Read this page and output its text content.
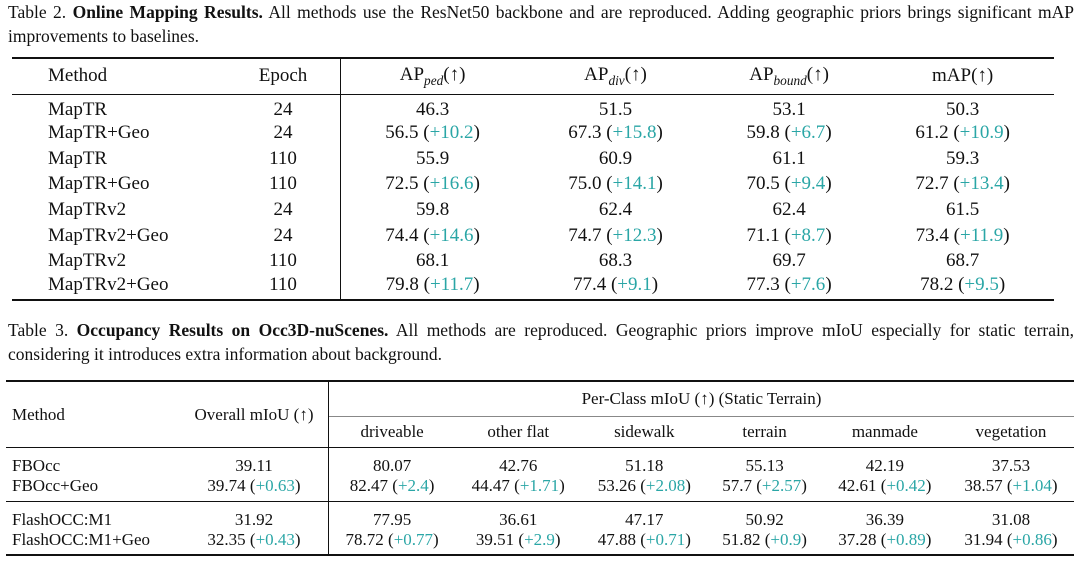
Table 2. Online Mapping Results. All methods use the ResNet50 backbone and are reproduced. Adding geographic priors brings significant mAP improvements to baselines.
Method	Epoch	$AP_{ped}(↑)$	$AP_{div}(↑)$	$AP_{bound}(↑)$	mAP(↑)
MapTR	24	46.3	51.5	53.1	50.3
MapTR+Geo	24	56.5 (+10.2)	67.3 (+15.8)	59.8 (+6.7)	61.2 (+10.9)
MapTR	110	55.9	60.9	61.1	59.3
MapTR+Geo	110	72.5 (+16.6)	75.0 (+14.1)	70.5 (+9.4)	72.7 (+13.4)
MapTRv2	24	59.8	62.4	62.4	61.5
MapTRv2+Geo	24	74.4 (+14.6)	74.7 (+12.3)	71.1 (+8.7)	73.4 (+11.9)
MapTRv2	110	68.1	68.3	69.7	68.7
MapTRv2+Geo	110	79.8 (+11.7)	77.4 (+9.1)	77.3 (+7.6)	78.2 (+9.5)
Table 3. Occupancy Results on Occ3D-nuScenes. All methods are reproduced. Geographic priors improve mIoU especially for static terrain, considering it introduces extra information about background.
Method	Overall mIoU (↑)	Per-Class mIoU (↑) (Static Terrain)					
		driveable	other flat	sidewalk	terrain	manmade	vegetation
FBOcc	39.11	80.07	42.76	51.18	55.13	42.19	37.53
FBOcc+Geo	39.74 (+0.63)	82.47 (+2.4)	44.47 (+1.71)	53.26 (+2.08)	57.7 (+2.57)	42.61 (+0.42)	38.57 (+1.04)
FlashOCC:M1	31.92	77.95	36.61	47.17	50.92	36.39	31.08
FlashOCC:M1+Geo	32.35 (+0.43)	78.72 (+0.77)	39.51 (+2.9)	47.88 (+0.71)	51.82 (+0.9)	37.28 (+0.89)	31.94 (+0.86)
